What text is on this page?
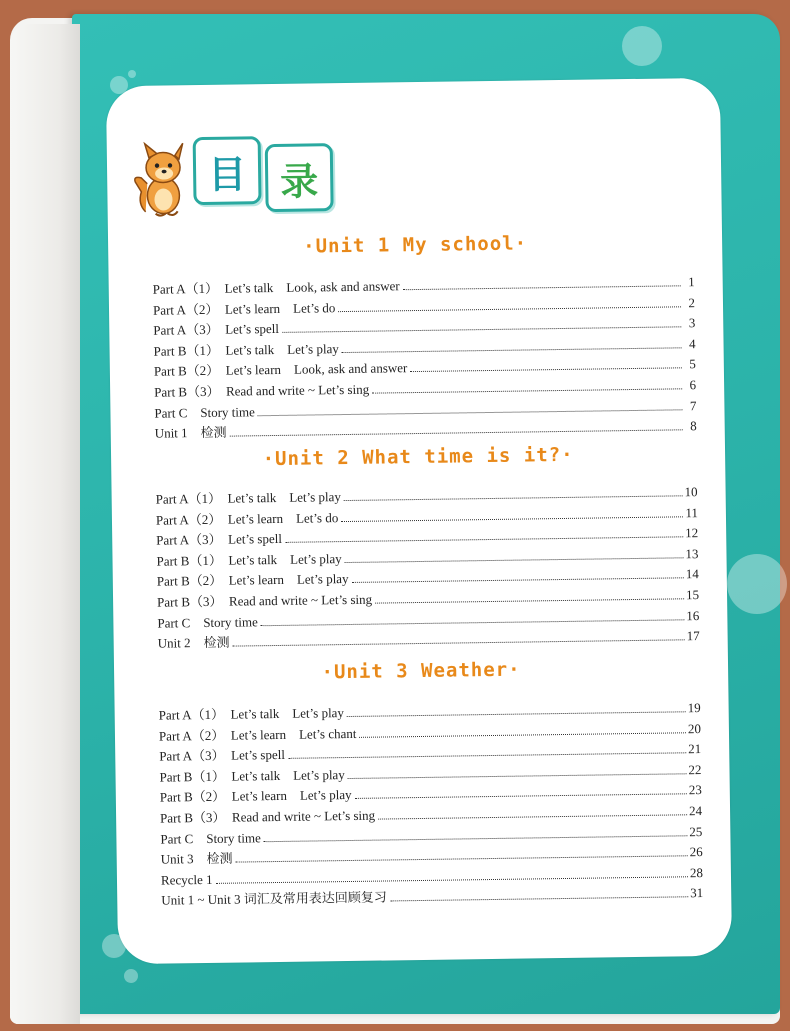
目 录
·Unit 1 My school·
Part A（1）  Let’s talk    Look, ask and answer	1
Part A（2）  Let’s learn    Let’s do	2
Part A（3）  Let’s spell	3
Part B（1）  Let’s talk    Let’s play	4
Part B（2）  Let’s learn    Look, ask and answer	5
Part B（3）  Read and write ~ Let’s sing	6
Part C    Story time	7
Unit 1    检测	8
·Unit 2 What time is it?·
Part A（1）  Let’s talk    Let’s play	10
Part A（2）  Let’s learn    Let’s do	11
Part A（3）  Let’s spell	12
Part B（1）  Let’s talk    Let’s play	13
Part B（2）  Let’s learn    Let’s play	14
Part B（3）  Read and write ~ Let’s sing	15
Part C    Story time	16
Unit 2    检测	17
·Unit 3 Weather·
Part A（1）  Let’s talk    Let’s play	19
Part A（2）  Let’s learn    Let’s chant	20
Part A（3）  Let’s spell	21
Part B（1）  Let’s talk    Let’s play	22
Part B（2）  Let’s learn    Let’s play	23
Part B（3）  Read and write ~ Let’s sing	24
Part C    Story time	25
Unit 3    检测	26
Recycle 1	28
Unit 1 ~ Unit 3 词汇及常用表达回顾复习	31
